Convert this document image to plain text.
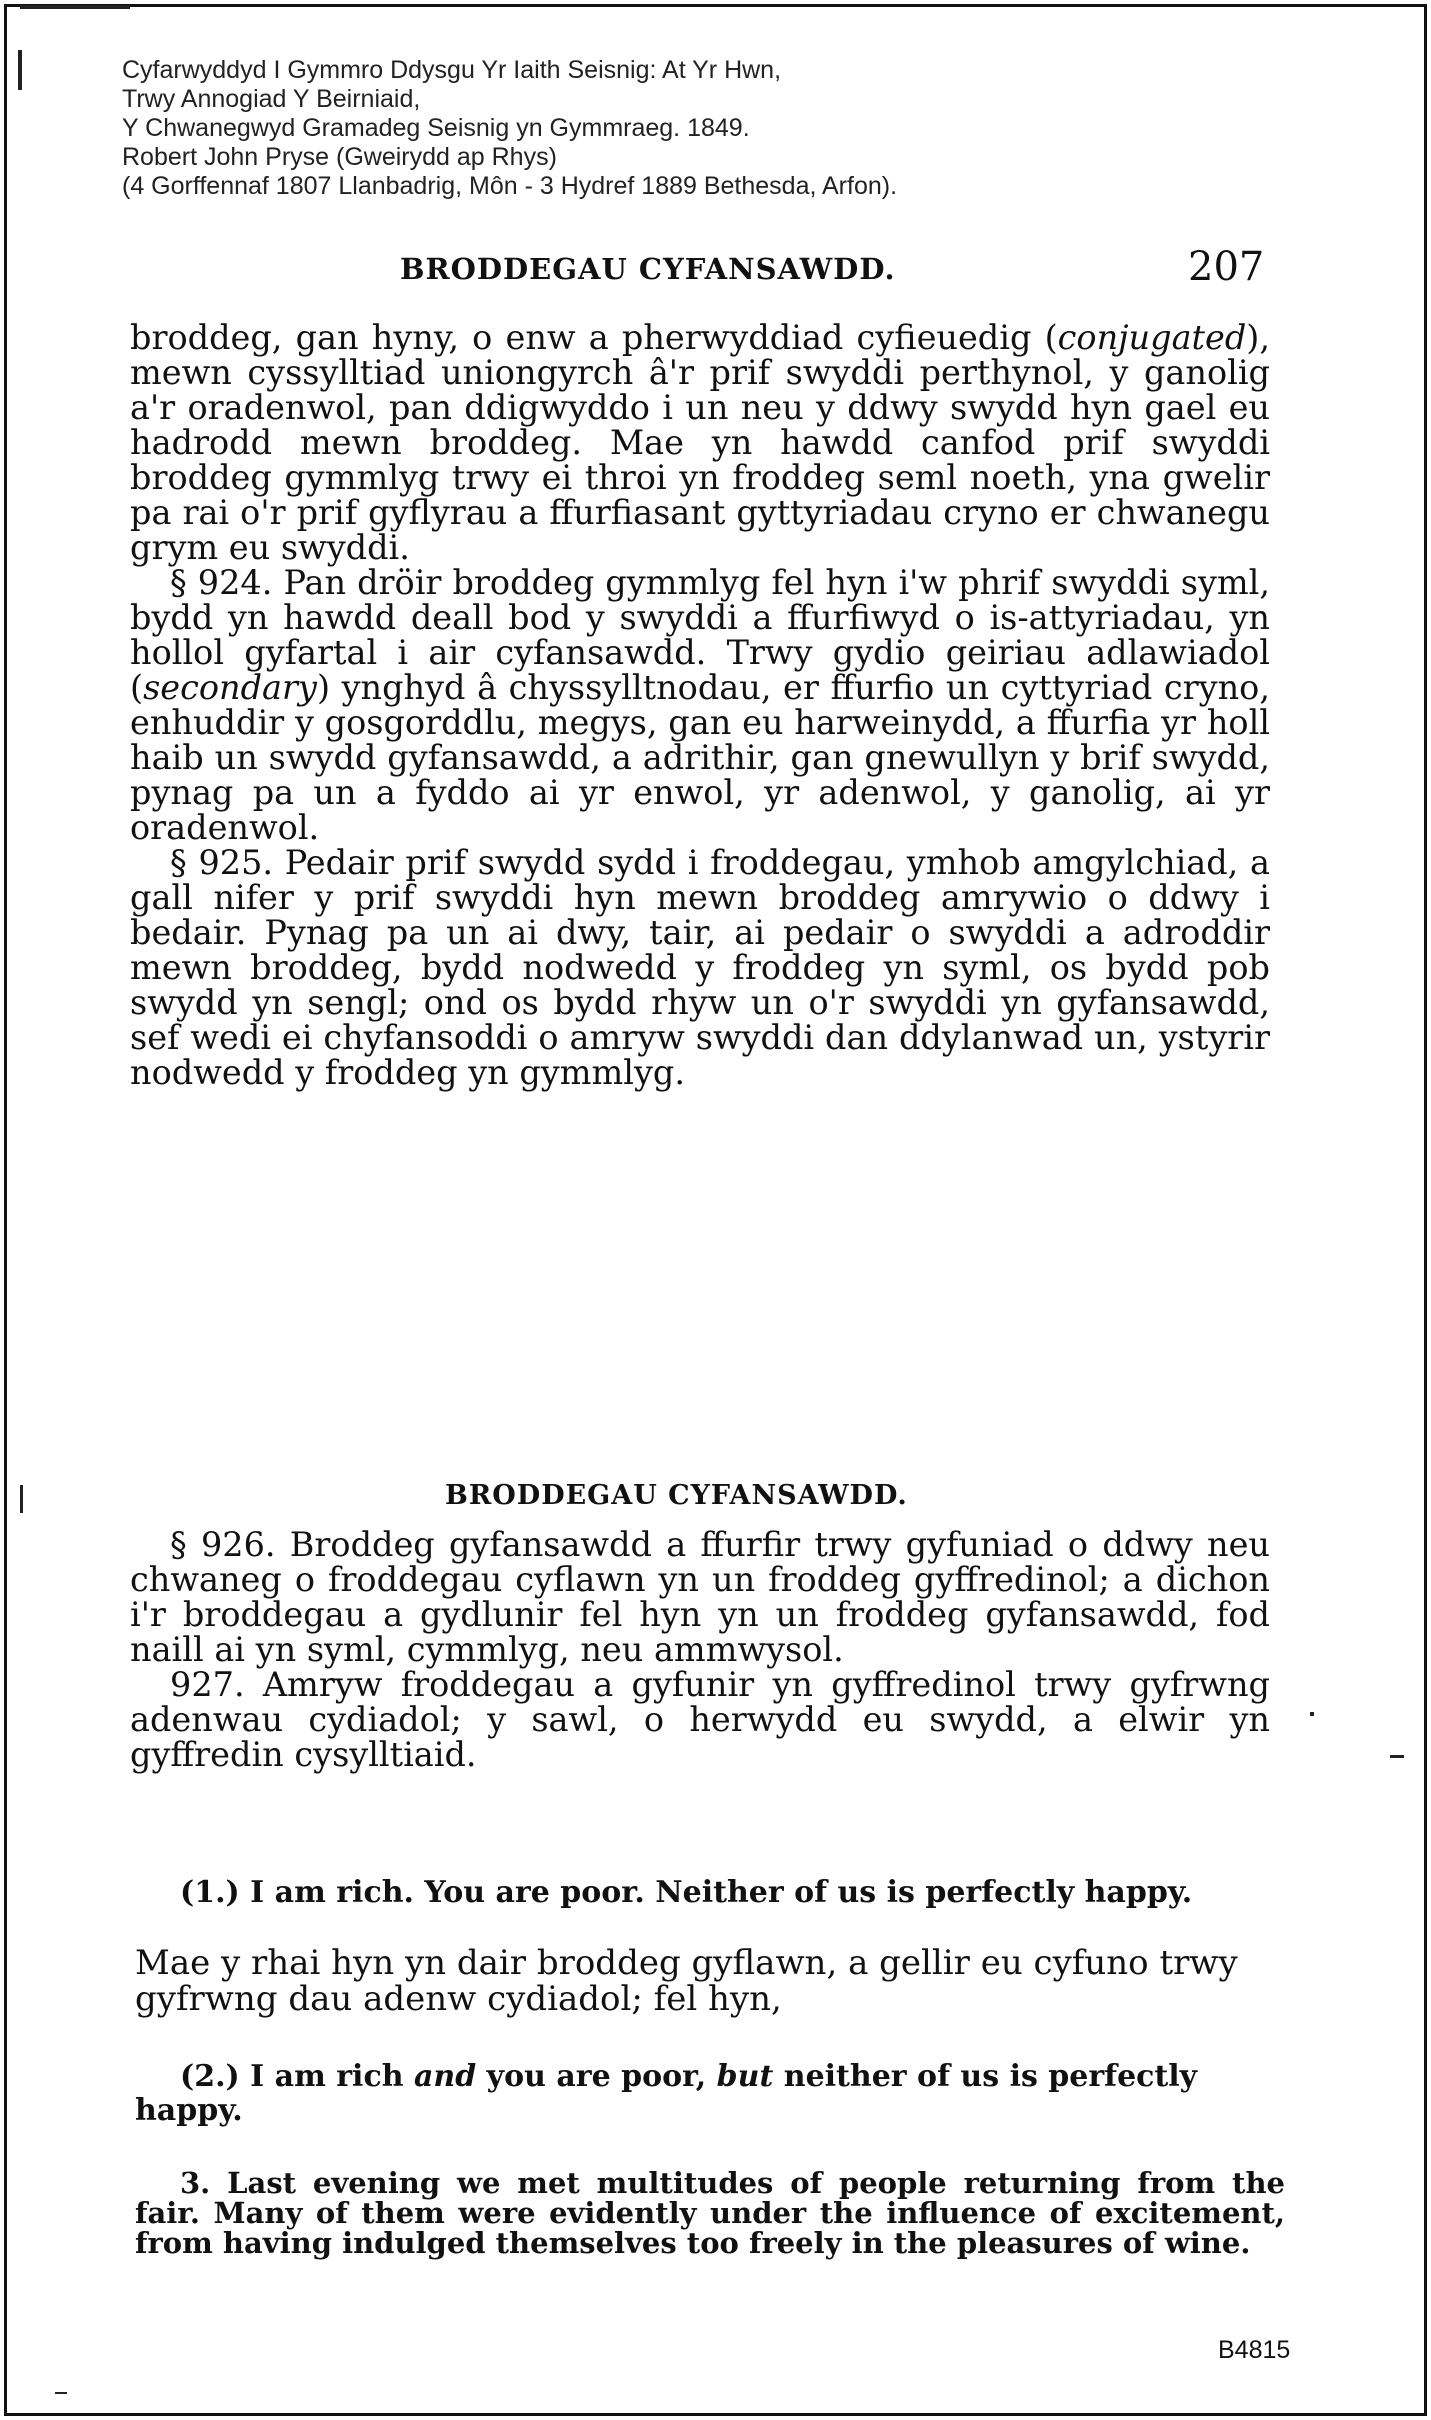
Cyfarwyddyd I Gymmro Ddysgu Yr Iaith Seisnig: At Yr Hwn,
Trwy Annogiad Y Beirniaid,
Y Chwanegwyd Gramadeg Seisnig yn Gymmraeg. 1849.
Robert John Pryse (Gweirydd ap Rhys)
(4 Gorffennaf 1807 Llanbadrig, Môn - 3 Hydref 1889 Bethesda, Arfon).
BRODDEGAU CYFANSAWDD.	207

broddeg, gan hyny, o enw a pherwyddiad cyfieuedig (conjugated), mewn cyssylltiad uniongyrch â'r prif swyddi perthynol, y ganolig a'r oradenwol, pan ddigwyddo i un neu y ddwy swydd hyn gael eu hadrodd mewn broddeg. Mae yn hawdd canfod prif swyddi broddeg gymmlyg trwy ei throi yn froddeg seml noeth, yna gwelir pa rai o'r prif gyflyrau a ffurfiasant gyttyriadau cryno er chwanegu grym eu swyddi.

§ 924. Pan dröir broddeg gymmlyg fel hyn i'w phrif swyddi syml, bydd yn hawdd deall bod y swyddi a ffurfiwyd o is-attyriadau, yn hollol gyfartal i air cyfansawdd. Trwy gydio geiriau adlawiadol (secondary) ynghyd â chyssylltnodau, er ffurfio un cyttyriad cryno, enhuddir y gosgorddlu, megys, gan eu harweinydd, a ffurfia yr holl haib un swydd gyfansawdd, a adrithir, gan gnewullyn y brif swydd, pynag pa un a fyddo ai yr enwol, yr adenwol, y ganolig, ai yr oradenwol.

§ 925. Pedair prif swydd sydd i froddegau, ymhob amgylchiad, a gall nifer y prif swyddi hyn mewn broddeg amrywio o ddwy i bedair. Pynag pa un ai dwy, tair, ai pedair o swyddi a adroddir mewn broddeg, bydd nodwedd y froddeg yn syml, os bydd pob swydd yn sengl; ond os bydd rhyw un o'r swyddi yn gyfansawdd, sef wedi ei chyfansoddi o amryw swyddi dan ddylanwad un, ystyrir nodwedd y froddeg yn gymmlyg.

BRODDEGAU CYFANSAWDD.

§ 926. Broddeg gyfansawdd a ffurfir trwy gyfuniad o ddwy neu chwaneg o froddegau cyflawn yn un froddeg gyffredinol; a dichon i'r broddegau a gydlunir fel hyn yn un froddeg gyfansawdd, fod naill ai yn syml, cymmlyg, neu ammwysol.

927. Amryw froddegau a gyfunir yn gyffredinol trwy gyfrwng adenwau cydiadol; y sawl, o herwydd eu swydd, a elwir yn gyffredin cysylltiaid.

(1.) I am rich. You are poor. Neither of us is perfectly happy.
Mae y rhai hyn yn dair broddeg gyflawn, a gellir eu cyfuno trwy gyfrwng dau adenw cydiadol; fel hyn,
(2.) I am rich and you are poor, but neither of us is perfectly happy.
3. Last evening we met multitudes of people returning from the fair. Many of them were evidently under the influence of excitement, from having indulged themselves too freely in the pleasures of wine.
B4815
